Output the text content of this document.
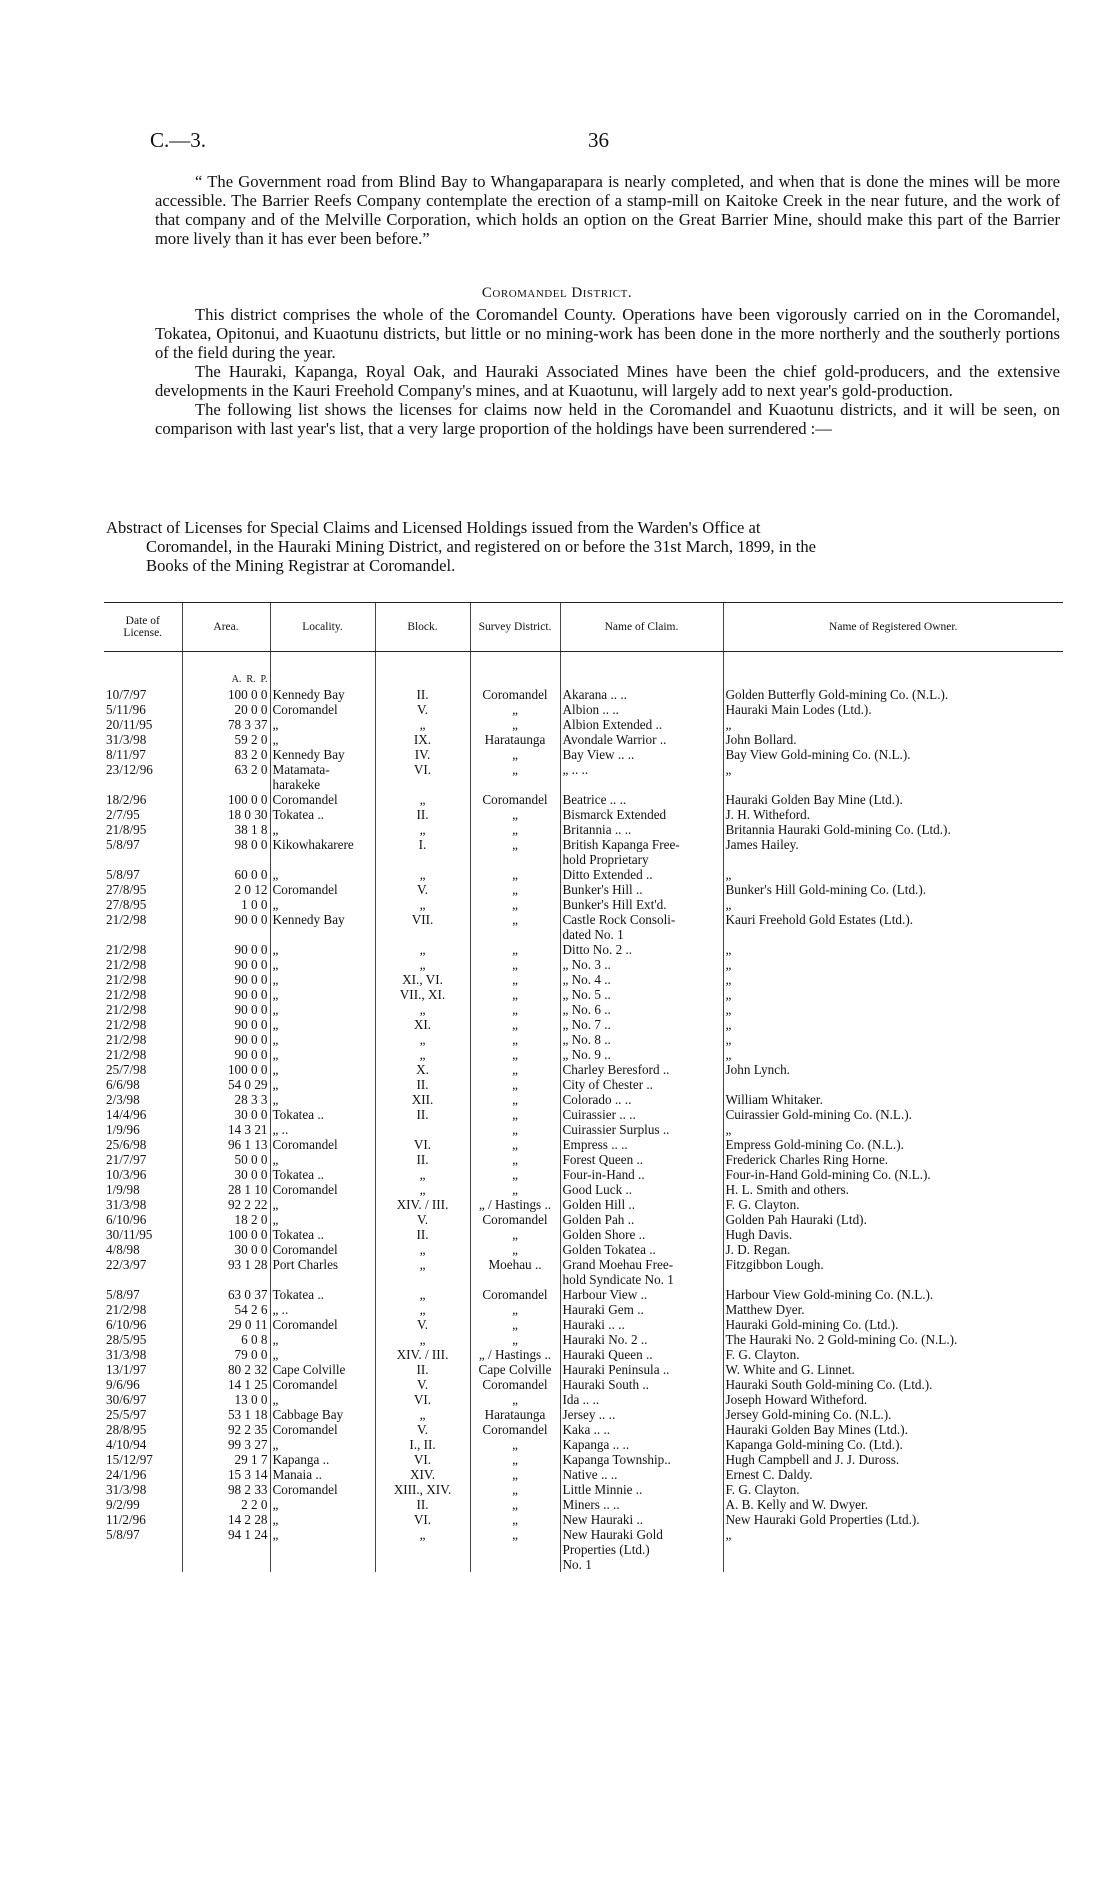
C.—3.	36

“ The Government road from Blind Bay to Whangaparapara is nearly completed, and when that is done the mines will be more accessible. The Barrier Reefs Company contemplate the erection of a stamp-mill on Kaitoke Creek in the near future, and the work of that company and of the Melville Corporation, which holds an option on the Great Barrier Mine, should make this part of the Barrier more lively than it has ever been before.”

Coromandel District.

This district comprises the whole of the Coromandel County. Operations have been vigorously carried on in the Coromandel, Tokatea, Opitonui, and Kuaotunu districts, but little or no mining-work has been done in the more northerly and the southerly portions of the field during the year.

The Hauraki, Kapanga, Royal Oak, and Hauraki Associated Mines have been the chief gold-producers, and the extensive developments in the Kauri Freehold Company's mines, and at Kuaotunu, will largely add to next year's gold-production.

The following list shows the licenses for claims now held in the Coromandel and Kuaotunu districts, and it will be seen, on comparison with last year's list, that a very large proportion of the holdings have been surrendered :—

Abstract of Licenses for Special Claims and Licensed Holdings issued from the Warden's Office at
Coromandel, in the Hauraki Mining District, and registered on or before the 31st March, 1899, in the
Books of the Mining Registrar at Coromandel.
Date of License.	Area.	Locality.	Block.	Survey District.	Name of Claim.	Name of Registered Owner.
	A. R. P.					
10/7/97	100 0 0	Kennedy Bay	II.	Coromandel	Akarana .. ..	Golden Butterfly Gold-mining Co. (N.L.).
5/11/96	20 0 0	Coromandel	V.	„	Albion .. ..	Hauraki Main Lodes (Ltd.).
20/11/95	78 3 37	„	„	„	Albion Extended ..	„
31/3/98	59 2 0	„	IX.	Harataunga	Avondale Warrior ..	John Bollard.
8/11/97	83 2 0	Kennedy Bay	IV.	„	Bay View .. ..	Bay View Gold-mining Co. (N.L.).
23/12/96	63 2 0	Matamata-	VI.	„	„ .. ..	„
		harakeke				
18/2/96	100 0 0	Coromandel	„	Coromandel	Beatrice .. ..	Hauraki Golden Bay Mine (Ltd.).
2/7/95	18 0 30	Tokatea ..	II.	„	Bismarck Extended	J. H. Witheford.
21/8/95	38 1 8	„	„	„	Britannia .. ..	Britannia Hauraki Gold-mining Co. (Ltd.).
5/8/97	98 0 0	Kikowhakarere	I.	„	British Kapanga Free-	James Hailey.
					hold Proprietary	
5/8/97	60 0 0	„	„	„	Ditto Extended ..	„
27/8/95	2 0 12	Coromandel	V.	„	Bunker's Hill ..	Bunker's Hill Gold-mining Co. (Ltd.).
27/8/95	1 0 0	„	„	„	Bunker's Hill Ext'd.	„
21/2/98	90 0 0	Kennedy Bay	VII.	„	Castle Rock Consoli-	Kauri Freehold Gold Estates (Ltd.).
					dated No. 1	
21/2/98	90 0 0	„	„	„	Ditto No. 2 ..	„
21/2/98	90 0 0	„	„	„	„ No. 3 ..	„
21/2/98	90 0 0	„	XI., VI.	„	„ No. 4 ..	„
21/2/98	90 0 0	„	VII., XI.	„	„ No. 5 ..	„
21/2/98	90 0 0	„	„	„	„ No. 6 ..	„
21/2/98	90 0 0	„	XI.	„	„ No. 7 ..	„
21/2/98	90 0 0	„	„	„	„ No. 8 ..	„
21/2/98	90 0 0	„	„	„	„ No. 9 ..	„
25/7/98	100 0 0	„	X.	„	Charley Beresford ..	John Lynch.
6/6/98	54 0 29	„	II.	„	City of Chester ..	
2/3/98	28 3 3	„	XII.	„	Colorado .. ..	William Whitaker.
14/4/96	30 0 0	Tokatea ..	II.	„	Cuirassier .. ..	Cuirassier Gold-mining Co. (N.L.).
1/9/96	14 3 21	„ ..		„	Cuirassier Surplus ..	„
25/6/98	96 1 13	Coromandel	VI.	„	Empress .. ..	Empress Gold-mining Co. (N.L.).
21/7/97	50 0 0	„	II.	„	Forest Queen ..	Frederick Charles Ring Horne.
10/3/96	30 0 0	Tokatea ..	„	„	Four-in-Hand ..	Four-in-Hand Gold-mining Co. (N.L.).
1/9/98	28 1 10	Coromandel	„	„	Good Luck ..	H. L. Smith and others.
31/3/98	92 2 22	„	XIV. / III.	„ / Hastings ..	Golden Hill ..	F. G. Clayton.
6/10/96	18 2 0	„	V.	Coromandel	Golden Pah ..	Golden Pah Hauraki (Ltd).
30/11/95	100 0 0	Tokatea ..	II.	„	Golden Shore ..	Hugh Davis.
4/8/98	30 0 0	Coromandel	„	„	Golden Tokatea ..	J. D. Regan.
22/3/97	93 1 28	Port Charles	„	Moehau ..	Grand Moehau Free-	Fitzgibbon Lough.
					hold Syndicate No. 1	
5/8/97	63 0 37	Tokatea ..	„	Coromandel	Harbour View ..	Harbour View Gold-mining Co. (N.L.).
21/2/98	54 2 6	„ ..	„	„	Hauraki Gem ..	Matthew Dyer.
6/10/96	29 0 11	Coromandel	V.	„	Hauraki .. ..	Hauraki Gold-mining Co. (Ltd.).
28/5/95	6 0 8	„	„	„	Hauraki No. 2 ..	The Hauraki No. 2 Gold-mining Co. (N.L.).
31/3/98	79 0 0	„	XIV. / III.	„ / Hastings ..	Hauraki Queen ..	F. G. Clayton.
13/1/97	80 2 32	Cape Colville	II.	Cape Colville	Hauraki Peninsula ..	W. White and G. Linnet.
9/6/96	14 1 25	Coromandel	V.	Coromandel	Hauraki South ..	Hauraki South Gold-mining Co. (Ltd.).
30/6/97	13 0 0	„	VI.	„	Ida .. ..	Joseph Howard Witheford.
25/5/97	53 1 18	Cabbage Bay	„	Harataunga	Jersey .. ..	Jersey Gold-mining Co. (N.L.).
28/8/95	92 2 35	Coromandel	V.	Coromandel	Kaka .. ..	Hauraki Golden Bay Mines (Ltd.).
4/10/94	99 3 27	„	I., II.	„	Kapanga .. ..	Kapanga Gold-mining Co. (Ltd.).
15/12/97	29 1 7	Kapanga ..	VI.	„	Kapanga Township..	Hugh Campbell and J. J. Duross.
24/1/96	15 3 14	Manaia ..	XIV.	„	Native .. ..	Ernest C. Daldy.
31/3/98	98 2 33	Coromandel	XIII., XIV.	„	Little Minnie ..	F. G. Clayton.
9/2/99	2 2 0	„	II.	„	Miners .. ..	A. B. Kelly and W. Dwyer.
11/2/96	14 2 28	„	VI.	„	New Hauraki ..	New Hauraki Gold Properties (Ltd.).
5/8/97	94 1 24	„	„	„	New Hauraki Gold	„
					Properties (Ltd.)	
					No. 1	
